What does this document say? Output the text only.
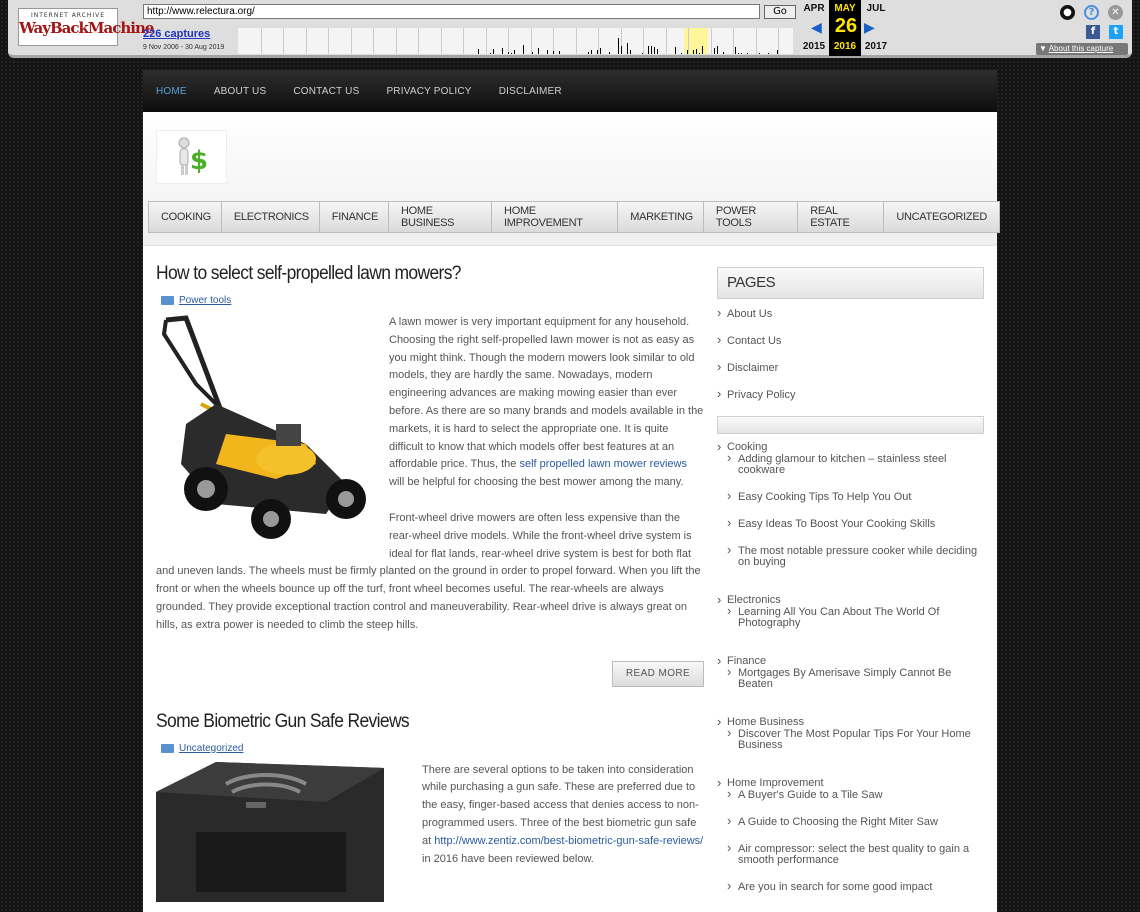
INTERNET ARCHIVE
WayBackMachine
http://www.relectura.org/	Go
226 captures
9 Nov 2006 - 30 Aug 2019
APR
2015
◀
MAY
2016
26 ▶
JUL
2017
●	?	✕
f	t
▼ About this capture
HOME	ABOUT US	CONTACT US	PRIVACY POLICY	DISCLAIMER
$
COOKING	ELECTRONICS	FINANCE	HOME BUSINESS
HOME IMPROVEMENT	MARKETING	POWER TOOLS
REAL ESTATE	UNCATEGORIZED
How to select self-propelled lawn mowers?
Power tools

A lawn mower is very important equipment for any household. Choosing the right self-propelled lawn mower is not as easy as you might think. Though the modern mowers look similar to old models, they are hardly the same. Nowadays, modern engineering advances are making mowing easier than ever before. As there are so many brands and models available in the markets, it is hard to select the appropriate one. It is quite difficult to know that which models offer best features at an affordable price. Thus, the self propelled lawn mower reviews will be helpful for choosing the best mower among the many.

Front-wheel drive mowers are often less expensive than the rear-wheel drive models. While the front-wheel drive system is ideal for flat lands, rear-wheel drive system is best for both flat and uneven lands. The wheels must be firmly planted on the ground in order to propel forward. When you lift the front or when the wheels bounce up off the turf, front wheel becomes useful. The rear-wheels are always grounded. They provide exceptional traction control and maneuverability. Rear-wheel drive is always great on hills, as extra power is needed to climb the steep hills.

READ MORE
Some Biometric Gun Safe Reviews
Uncategorized

There are several options to be taken into consideration while purchasing a gun safe. These are preferred due to the easy, finger-based access that denies access to non-programmed users. Three of the best biometric gun safe at http://www.zentiz.com/best-biometric-gun-safe-reviews/ in 2016 have been reviewed below.

PAGES
› About Us
› Contact Us
› Disclaimer
› Privacy Policy
› Cooking
› Adding glamour to kitchen – stainless steel cookware
› Easy Cooking Tips To Help You Out
› Easy Ideas To Boost Your Cooking Skills
› The most notable pressure cooker while deciding on buying
› Electronics
› Learning All You Can About The World Of Photography
› Finance
› Mortgages By Amerisave Simply Cannot Be Beaten
› Home Business
› Discover The Most Popular Tips For Your Home Business
› Home Improvement
› A Buyer's Guide to a Tile Saw
› A Guide to Choosing the Right Miter Saw
› Air compressor: select the best quality to gain a smooth performance
› Are you in search for some good impact
